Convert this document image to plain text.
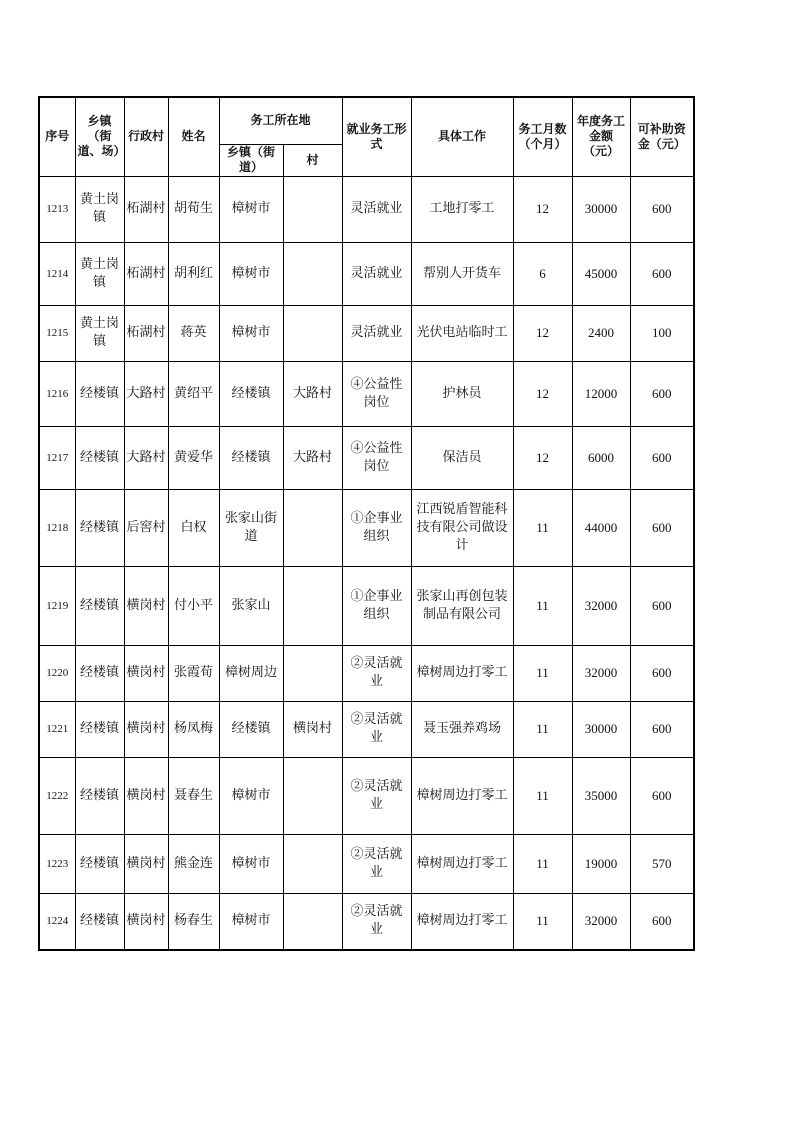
序号	乡镇（街道、场）	行政村	姓名	务工所在地		就业务工形式	具体工作	务工月数（个月）	年度务工金额（元）	可补助资金（元）
				乡镇（街道）	村					
1213	黄土岗镇	柘湖村	胡荀生	樟树市		灵活就业	工地打零工	12	30000	600
1214	黄土岗镇	柘湖村	胡利红	樟树市		灵活就业	帮别人开货车	6	45000	600
1215	黄土岗镇	柘湖村	蒋英	樟树市		灵活就业	光伏电站临时工	12	2400	100
1216	经楼镇	大路村	黄绍平	经楼镇	大路村	④公益性岗位	护林员	12	12000	600
1217	经楼镇	大路村	黄爱华	经楼镇	大路村	④公益性岗位	保洁员	12	6000	600
1218	经楼镇	后窖村	白权	张家山街道		①企事业组织	江西锐盾智能科技有限公司做设计	11	44000	600
1219	经楼镇	横岗村	付小平	张家山		①企事业组织	张家山再创包装制品有限公司	11	32000	600
1220	经楼镇	横岗村	张霞荀	樟树周边		②灵活就业	樟树周边打零工	11	32000	600
1221	经楼镇	横岗村	杨凤梅	经楼镇	横岗村	②灵活就业	聂玉强养鸡场	11	30000	600
1222	经楼镇	横岗村	聂春生	樟树市		②灵活就业	樟树周边打零工	11	35000	600
1223	经楼镇	横岗村	熊金连	樟树市		②灵活就业	樟树周边打零工	11	19000	570
1224	经楼镇	横岗村	杨春生	樟树市		②灵活就业	樟树周边打零工	11	32000	600
